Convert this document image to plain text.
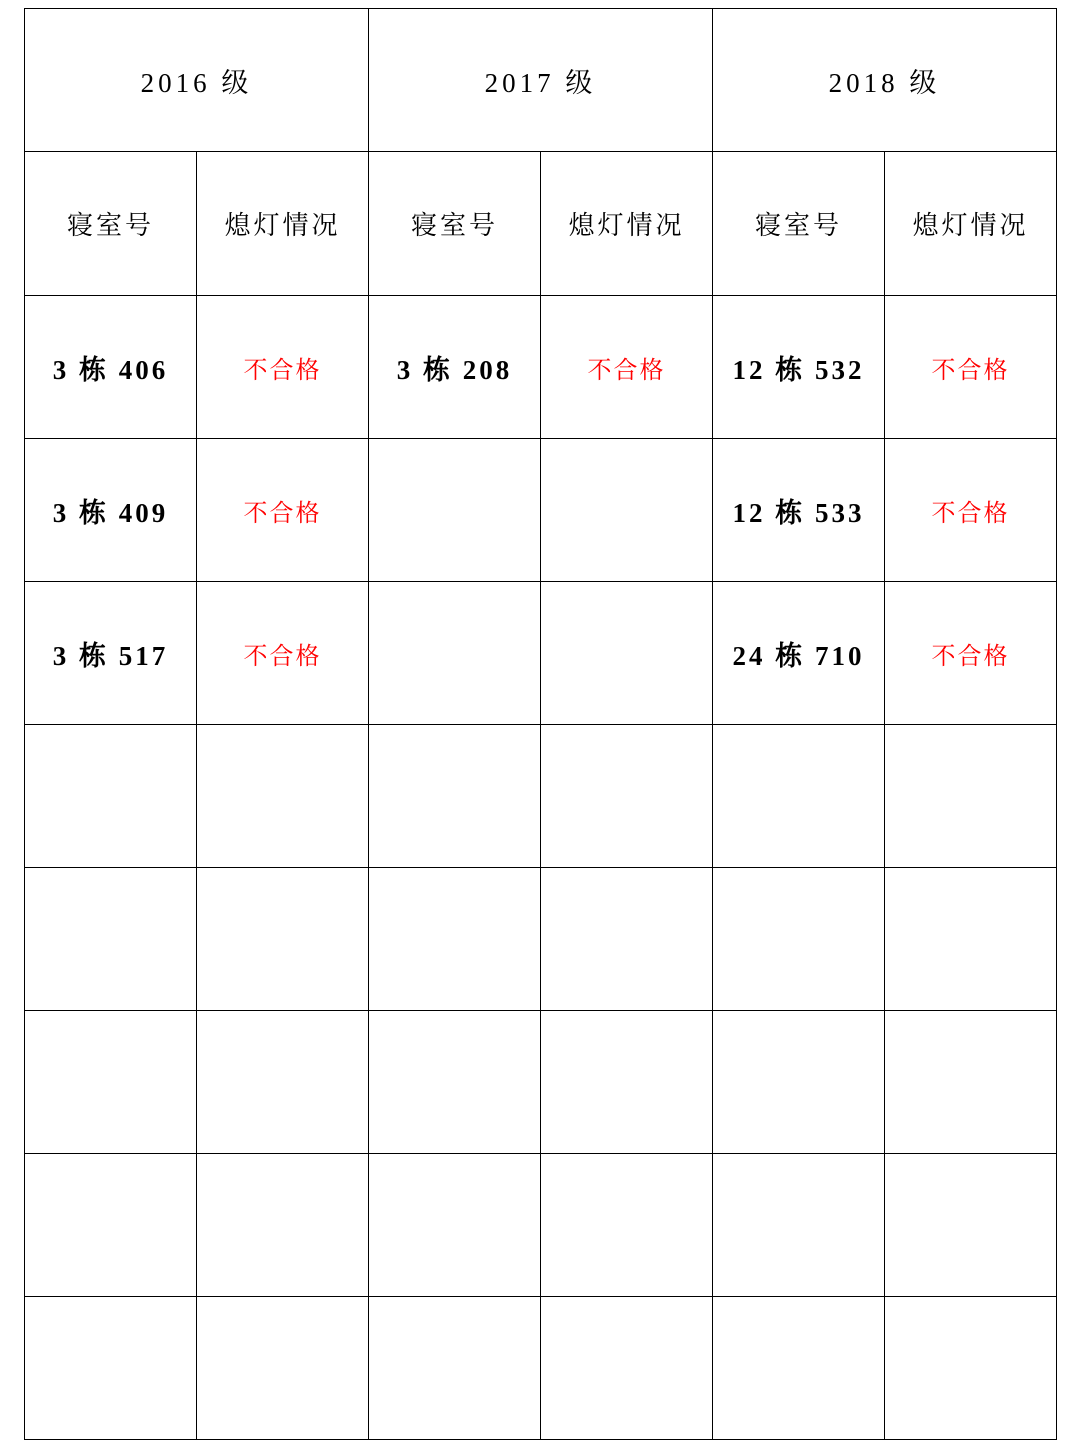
2016 级		2017 级		2018 级	
寝室号	熄灯情况	寝室号	熄灯情况	寝室号	熄灯情况
3 栋 406	不合格	3 栋 208	不合格	12 栋 532	不合格
3 栋 409	不合格			12 栋 533	不合格
3 栋 517	不合格			24 栋 710	不合格
